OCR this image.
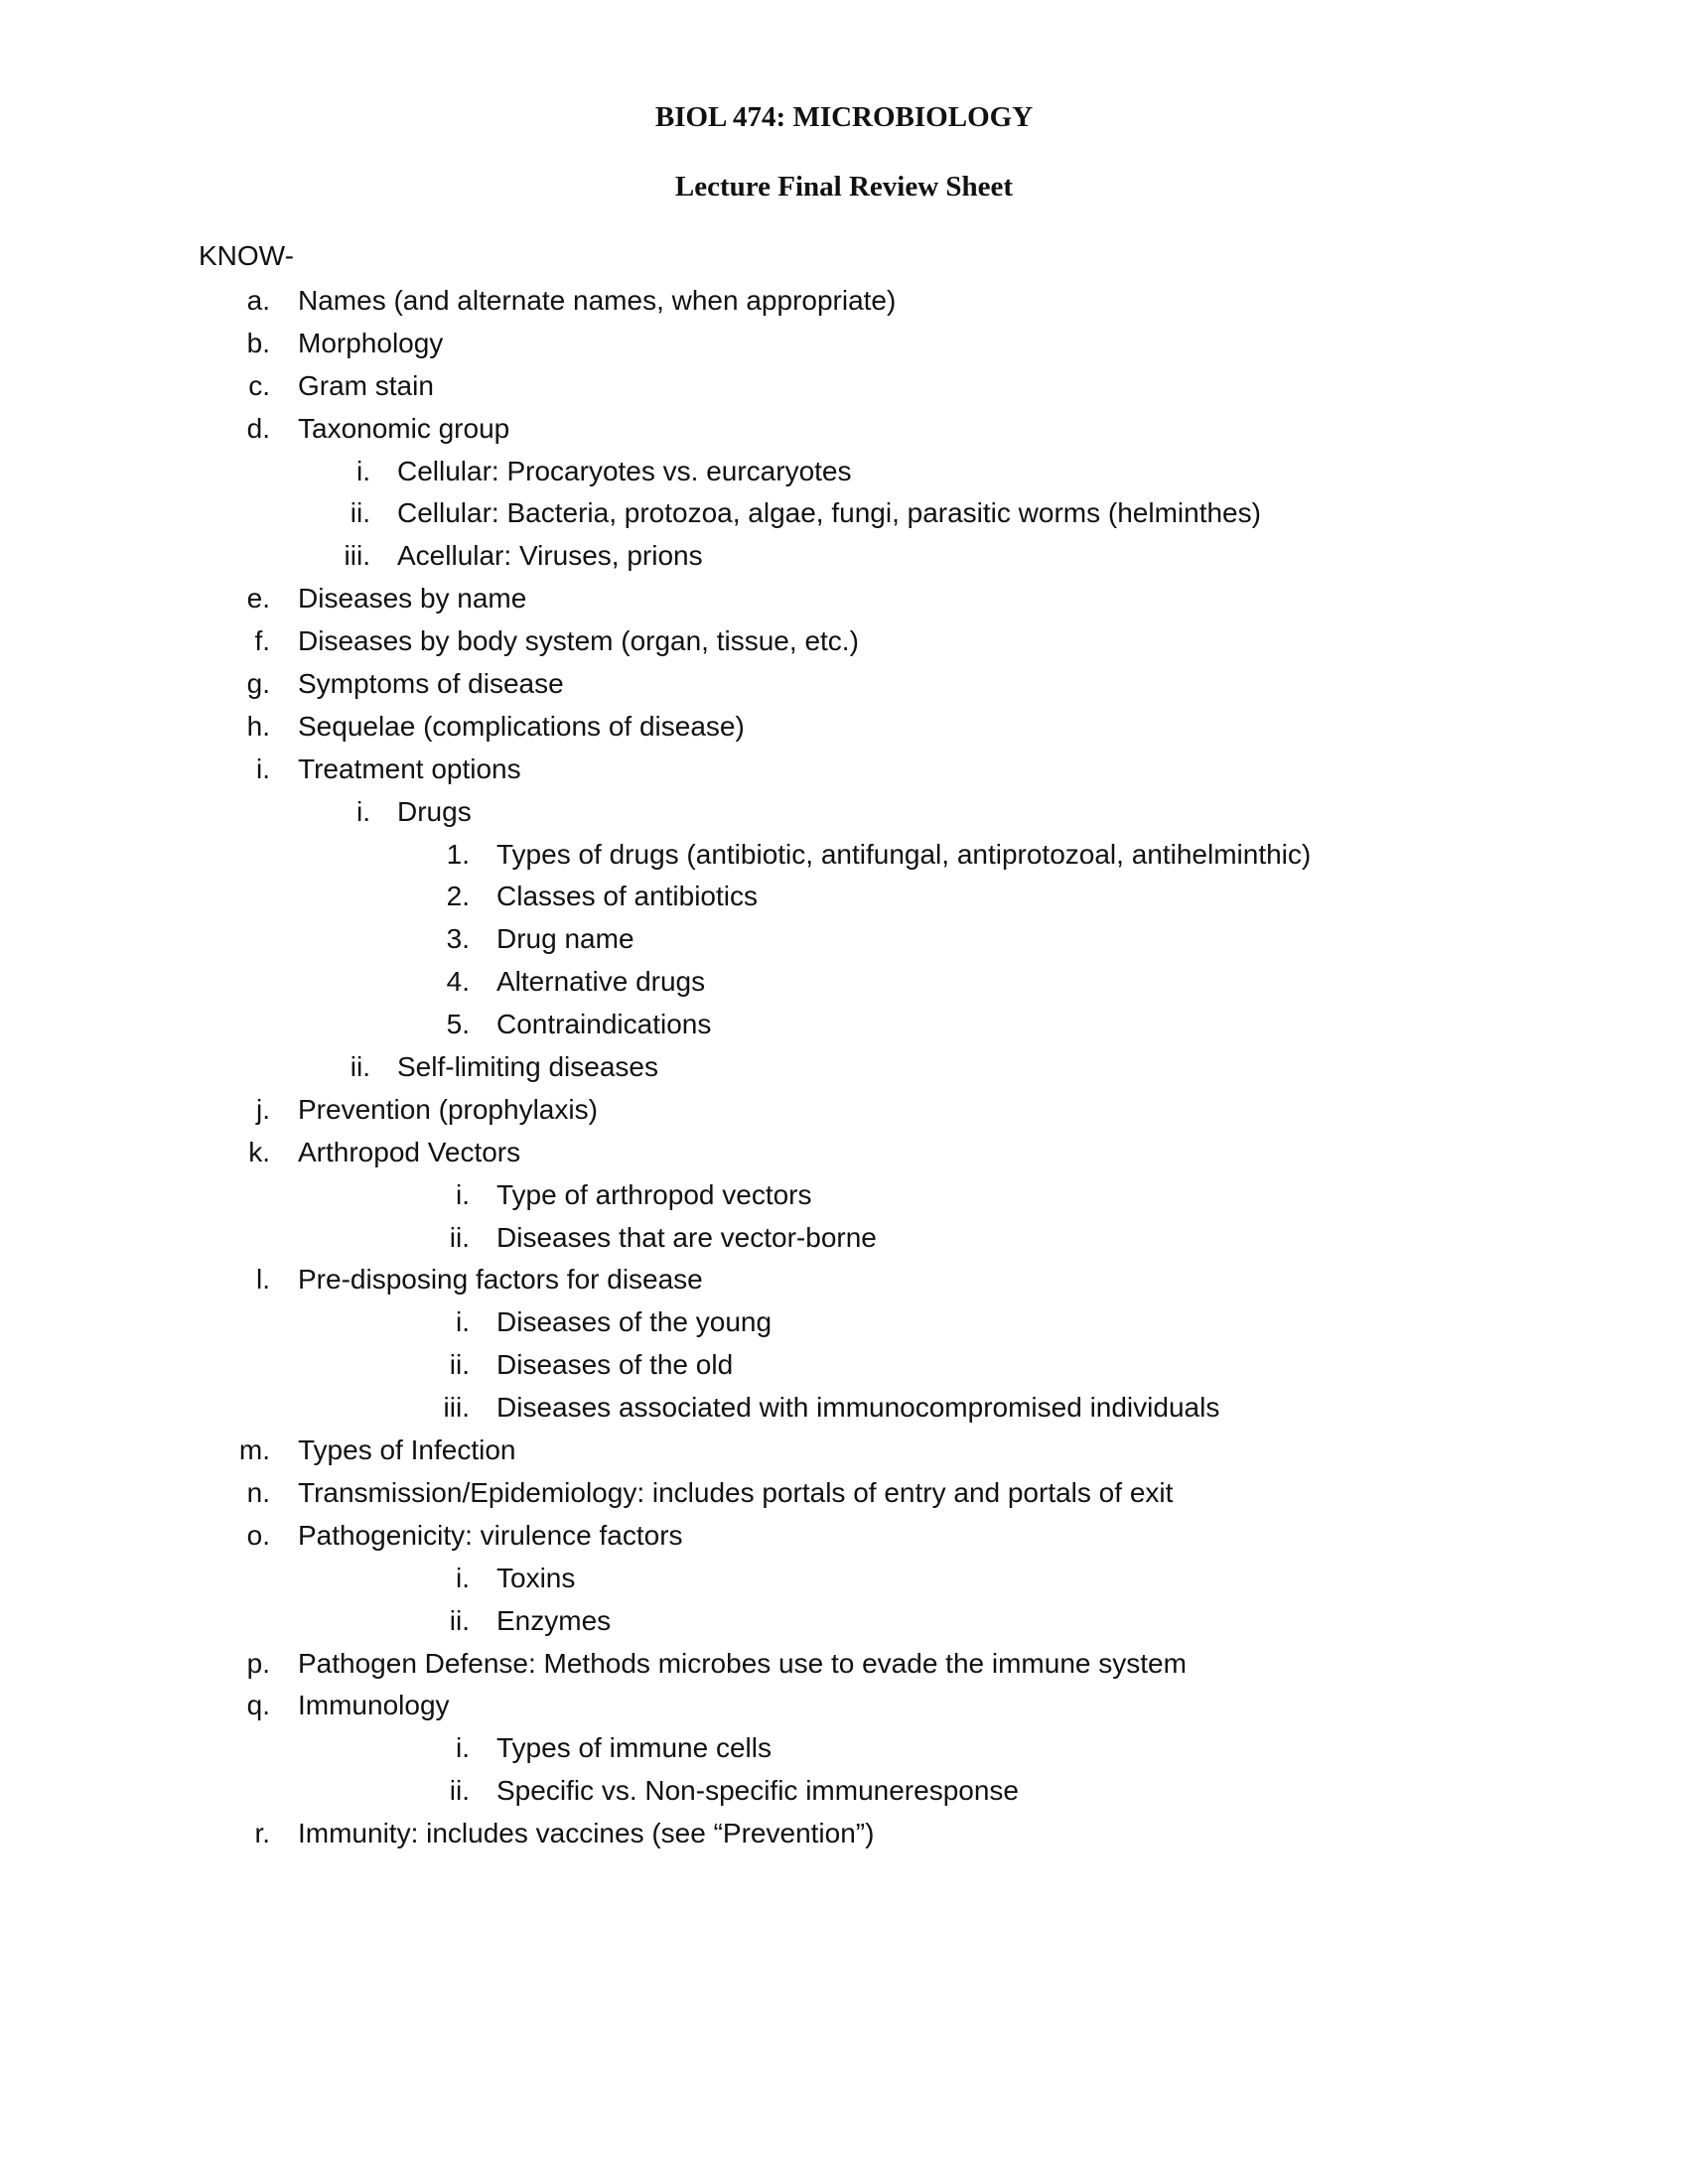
BIOL 474: MICROBIOLOGY
Lecture Final Review Sheet
KNOW-
a. Names (and alternate names, when appropriate)
b. Morphology
c. Gram stain
d. Taxonomic group
i. Cellular: Procaryotes vs. eurcaryotes
ii. Cellular: Bacteria, protozoa, algae, fungi, parasitic worms (helminthes)
iii. Acellular: Viruses, prions
e. Diseases by name
f. Diseases by body system (organ, tissue, etc.)
g. Symptoms of disease
h. Sequelae (complications of disease)
i. Treatment options
i. Drugs
1. Types of drugs (antibiotic, antifungal, antiprotozoal, antihelminthic)
2. Classes of antibiotics
3. Drug name
4. Alternative drugs
5. Contraindications
ii. Self-limiting diseases
j. Prevention (prophylaxis)
k. Arthropod Vectors
i. Type of arthropod vectors
ii. Diseases that are vector-borne
l. Pre-disposing factors for disease
i. Diseases of the young
ii. Diseases of the old
iii. Diseases associated with immunocompromised individuals
m. Types of Infection
n. Transmission/Epidemiology: includes portals of entry and portals of exit
o. Pathogenicity: virulence factors
i. Toxins
ii. Enzymes
p. Pathogen Defense: Methods microbes use to evade the immune system
q. Immunology
i. Types of immune cells
ii. Specific vs. Non-specific immuneresponse
r. Immunity: includes vaccines (see “Prevention”)
